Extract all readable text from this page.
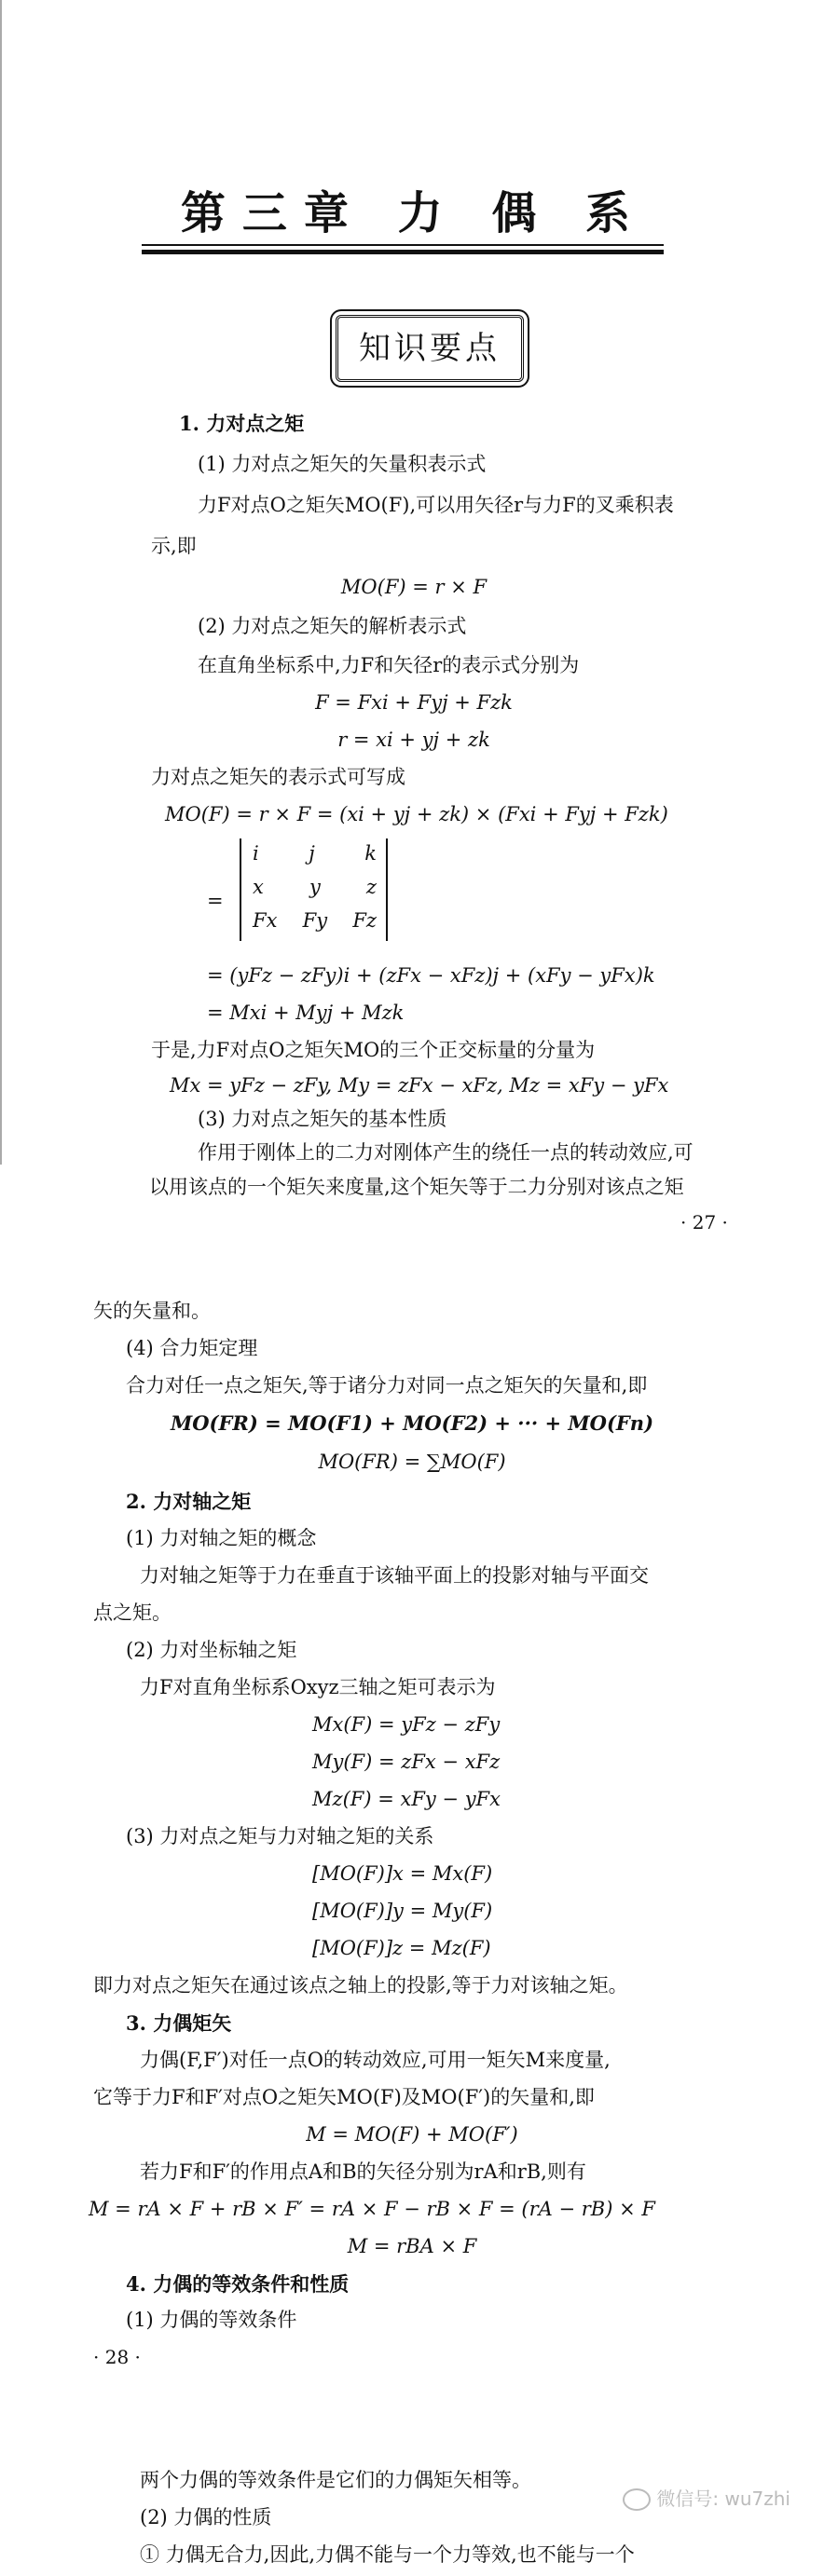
第三章 力 偶 系
知识要点
1. 力对点之矩
(1) 力对点之矩矢的矢量积表示式
力F对点O之矩矢MO(F),可以用矢径r与力F的叉乘积表
示,即
MO(F) = r × F
(2) 力对点之矩矢的解析表示式
在直角坐标系中,力F和矢径r的表示式分别为
F = Fxi + Fyj + Fzk
r = xi + yj + zk
力对点之矩矢的表示式可写成
MO(F) = r × F = (xi + yj + zk) × (Fxi + Fyj + Fzk)
=
i	j	k
x y z
Fx Fy Fz
= (yFz − zFy)i + (zFx − xFz)j + (xFy − yFx)k
= Mxi + Myj + Mzk
于是,力F对点O之矩矢MO的三个正交标量的分量为
Mx = yFz − zFy, My = zFx − xFz, Mz = xFy − yFx
(3) 力对点之矩矢的基本性质
作用于刚体上的二力对刚体产生的绕任一点的转动效应,可
以用该点的一个矩矢来度量,这个矩矢等于二力分别对该点之矩
· 27 ·
矢的矢量和。
(4) 合力矩定理
合力对任一点之矩矢,等于诸分力对同一点之矩矢的矢量和,即
MO(FR) = MO(F1) + MO(F2) + ··· + MO(Fn)
MO(FR) = ∑MO(F)
2. 力对轴之矩
(1) 力对轴之矩的概念
力对轴之矩等于力在垂直于该轴平面上的投影对轴与平面交
点之矩。
(2) 力对坐标轴之矩
力F对直角坐标系Oxyz三轴之矩可表示为
Mx(F) = yFz − zFy
My(F) = zFx − xFz
Mz(F) = xFy − yFx
(3) 力对点之矩与力对轴之矩的关系
[MO(F)]x = Mx(F)
[MO(F)]y = My(F)
[MO(F)]z = Mz(F)
即力对点之矩矢在通过该点之轴上的投影,等于力对该轴之矩。
3. 力偶矩矢
力偶(F,F′)对任一点O的转动效应,可用一矩矢M来度量,
它等于力F和F′对点O之矩矢MO(F)及MO(F′)的矢量和,即
M = MO(F) + MO(F′)
若力F和F′的作用点A和B的矢径分别为rA和rB,则有
M = rA × F + rB × F′ = rA × F − rB × F = (rA − rB) × F
M = rBA × F
4. 力偶的等效条件和性质
(1) 力偶的等效条件
· 28 ·
两个力偶的等效条件是它们的力偶矩矢相等。
(2) 力偶的性质
① 力偶无合力,因此,力偶不能与一个力等效,也不能与一个
微信号: wu7zhi
